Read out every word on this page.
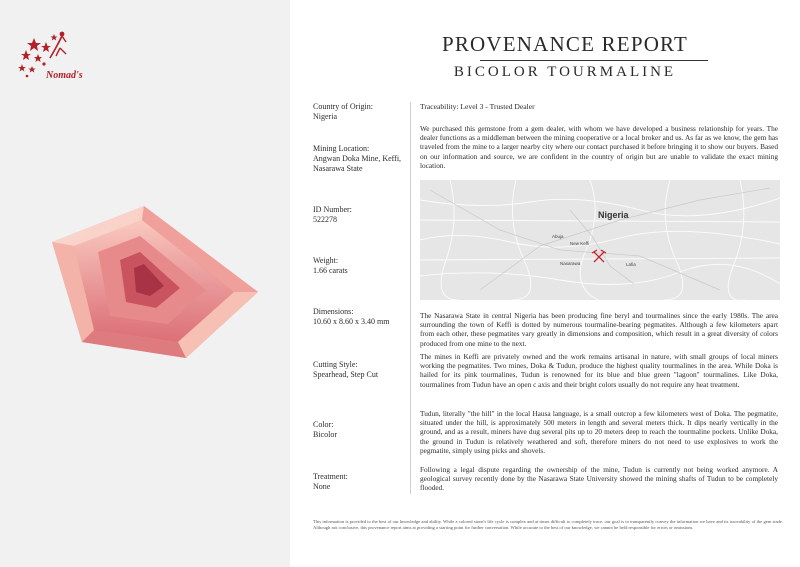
Nomad's
PROVENANCE REPORT
BICOLOR TOURMALINE
Country of Origin:
Nigeria
Mining Location:
Angwan Doka Mine, Keffi, Nasarawa State
ID Number:
522278
Weight:
1.66 carats
Dimensions:
10.60 x 8.60 x 3.40 mm
Cutting Style:
Spearhead, Step Cut
Color:
Bicolor
Treatment:
None
Traceability: Level 3 - Trusted Dealer
We purchased this gemstone from a gem dealer, with whom we have developed a business relationship for years. The dealer functions as a middleman between the mining cooperative or a local broker and us. As far as we know, the gem has traveled from the mine to a larger nearby city where our contact purchased it before bringing it to show our buyers. Based on our information and source, we are confident in the country of origin but are unable to validate the exact mining location.
Nigeria
Abuja
New Keffi
Nasarawa	Lafia
The Nasarawa State in central Nigeria has been producing fine beryl and tourmalines since the early 1980s. The area surrounding the town of Keffi is dotted by numerous tourmaline-bearing pegmatites. Although a few kilometers apart from each other, these pegmatites vary greatly in dimensions and composition, which result in a great diversity of colors produced from one mine to the next.
The mines in Keffi are privately owned and the work remains artisanal in nature, with small groups of local miners working the pegmatites. Two mines, Doka & Tudun, produce the highest quality tourmalines in the area. While Doka is hailed for its pink tourmalines, Tudun is renowned for its blue and blue green "lagoon" tourmalines. Like Doka, tourmalines from Tudun have an open c axis and their bright colors usually do not require any heat treatment.
Tudun, literally "the hill" in the local Hausa language, is a small outcrop a few kilometers west of Doka. The pegmatite, situated under the hill, is approximately 500 meters in length and several meters thick. It dips nearly vertically in the ground, and as a result, miners have dug several pits up to 20 meters deep to reach the tourmaline pockets. Unlike Doka, the ground in Tudun is relatively weathered and soft, therefore miners do not need to use explosives to work the pegmatite, simply using picks and shovels.
Following a legal dispute regarding the ownership of the mine, Tudun is currently not being worked anymore. A geological survey recently done by the Nasarawa State University showed the mining shafts of Tudun to be completely flooded.
This information is provided to the best of our knowledge and ability. While a colored stone's life cycle is complex and at times difficult to completely trace, our goal is to transparently convey the information we have and its traceability of the gem trade. Although not conclusive, this provenance report aims at providing a starting point for further conversation. While accurate to the best of our knowledge, we cannot be held responsible for errors or omissions.
